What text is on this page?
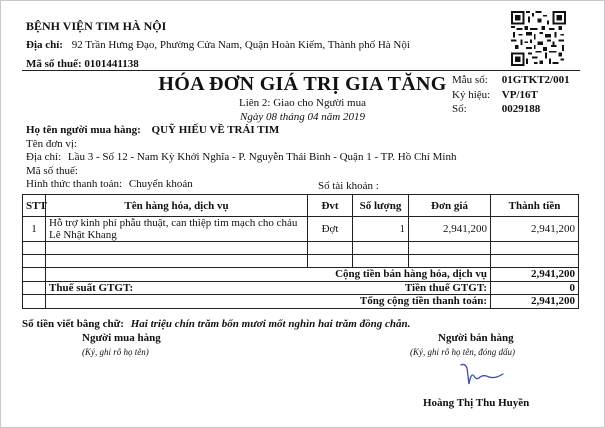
BỆNH VIỆN TIM HÀ NỘI
Địa chỉ: 92 Trần Hưng Đạo, Phường Cửa Nam, Quận Hoàn Kiếm, Thành phố Hà Nội
Mã số thuế: 0101441138
HÓA ĐƠN GIÁ TRỊ GIA TĂNG
Liên 2: Giao cho Người mua
Ngày 08 tháng 04 năm 2019
Mẫu số: 01GTKT2/001
Ký hiệu: VP/16T
Số:	0029188
Họ tên người mua hàng: QUỸ HIẾU VỀ TRÁI TIM
Tên đơn vị:
Địa chỉ: Lầu 3 - Số 12 - Nam Kỳ Khởi Nghĩa - P. Nguyễn Thái Bình - Quận 1 - TP. Hồ Chí Minh
Mã số thuế:
Hình thức thanh toán: Chuyển khoản	Số tài khoản :
STT	Tên hàng hóa, dịch vụ	Đvt	Số lượng	Đơn giá	Thành tiền
1	Hỗ trợ kinh phí phẫu thuật, can thiệp tim mạch cho cháu Lê Nhật Khang	Đợt	1	2,941,200	2,941,200

	Cộng tiền bán hàng hóa, dịch vụ				2,941,200
	Thuế suất GTGT:	Tiền thuế GTGT:			0
	Tổng cộng tiền thanh toán:				2,941,200
Số tiền viết bằng chữ: Hai triệu chín trăm bốn mươi mốt nghìn hai trăm đồng chẵn.
Người mua hàng
(Ký, ghi rõ họ tên)
Người bán hàng
(Ký, ghi rõ họ tên, đóng dấu)
Hoàng Thị Thu Huyền
